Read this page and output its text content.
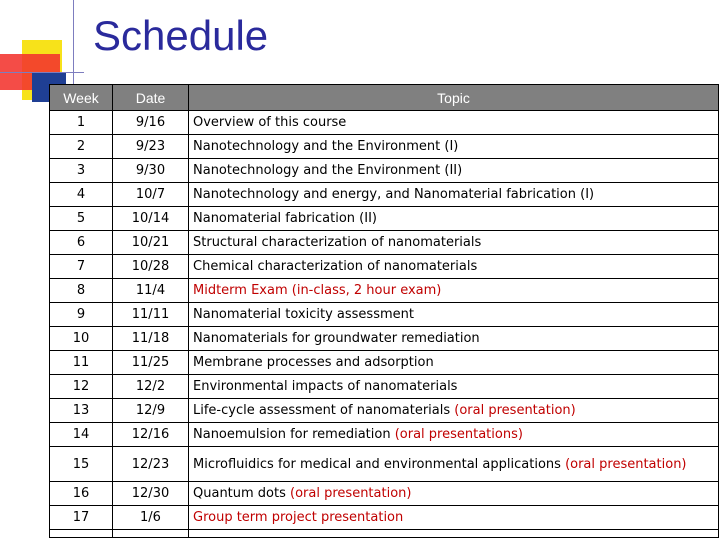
Schedule
Week	Date	Topic
1	9/16	Overview of this course
2	9/23	Nanotechnology and the Environment (I)
3	9/30	Nanotechnology and the Environment (II)
4	10/7	Nanotechnology and energy, and Nanomaterial fabrication (I)
5	10/14	Nanomaterial fabrication (II)
6	10/21	Structural characterization of nanomaterials
7	10/28	Chemical characterization of nanomaterials
8	11/4	Midterm Exam (in-class, 2 hour exam)
9	11/11	Nanomaterial toxicity assessment
10	11/18	Nanomaterials for groundwater remediation
11	11/25	Membrane processes and adsorption
12	12/2	Environmental impacts of nanomaterials
13	12/9	Life-cycle assessment of nanomaterials (oral presentation)
14	12/16	Nanoemulsion for remediation (oral presentations)
15	12/23	Microfluidics for medical and environmental applications (oral presentation)
16	12/30	Quantum dots (oral presentation)
17	1/6	Group term project presentation
